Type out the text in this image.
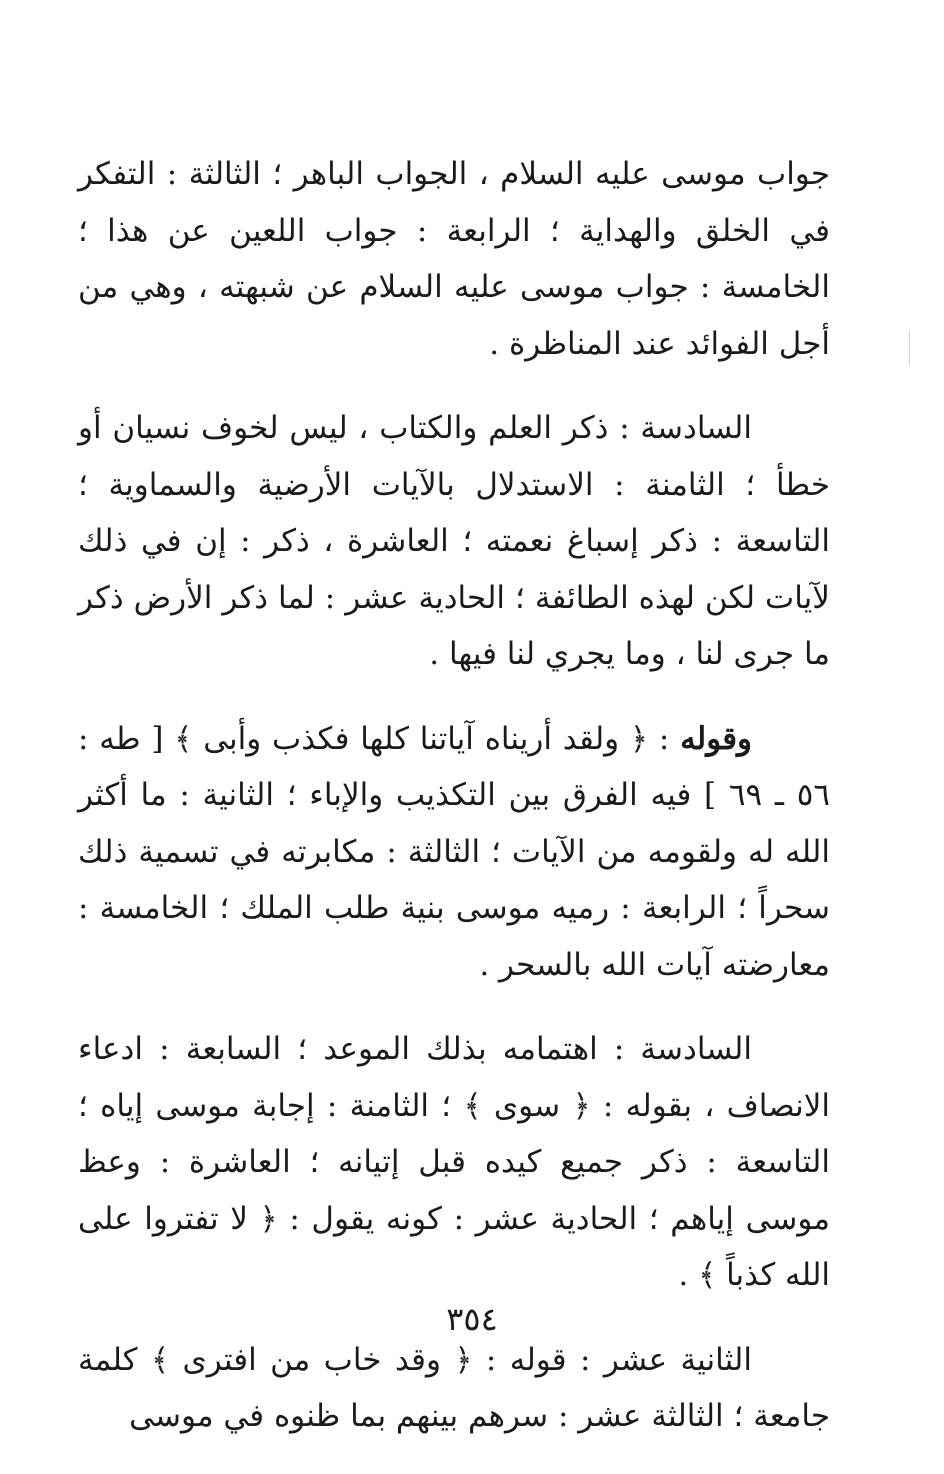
جواب موسى عليه السلام ، الجواب الباهر ؛ الثالثة : التفكر في الخلق والهداية ؛ الرابعة : جواب اللعين عن هذا ؛ الخامسة : جواب موسى عليه السلام عن شبهته ، وهي من أجل الفوائد عند المناظرة .

السادسة : ذكر العلم والكتاب ، ليس لخوف نسيان أو خطأ ؛ الثامنة : الاستدلال بالآيات الأرضية والسماوية ؛ التاسعة : ذكر إسباغ نعمته ؛ العاشرة ، ذكر : إن في ذلك لآيات لكن لهذه الطائفة ؛ الحادية عشر : لما ذكر الأرض ذكر ما جرى لنا ، وما يجري لنا فيها .

وقوله : ﴿ ولقد أريناه آياتنا كلها فكذب وأبى ﴾ [ طه : ٥٦ ـ ٦٩ ] فيه الفرق بين التكذيب والإباء ؛ الثانية : ما أكثر الله له ولقومه من الآيات ؛ الثالثة : مكابرته في تسمية ذلك سحراً ؛ الرابعة : رميه موسى بنية طلب الملك ؛ الخامسة : معارضته آيات الله بالسحر .

السادسة : اهتمامه بذلك الموعد ؛ السابعة : ادعاء الانصاف ، بقوله : ﴿ سوى ﴾ ؛ الثامنة : إجابة موسى إياه ؛ التاسعة : ذكر جميع كيده قبل إتيانه ؛ العاشرة : وعظ موسى إياهم ؛ الحادية عشر : كونه يقول : ﴿ لا تفتروا على الله كذباً ﴾ .

الثانية عشر : قوله : ﴿ وقد خاب من افترى ﴾ كلمة جامعة ؛ الثالثة عشر : سرهم بينهم بما ظنوه في موسى

٣٥٤
